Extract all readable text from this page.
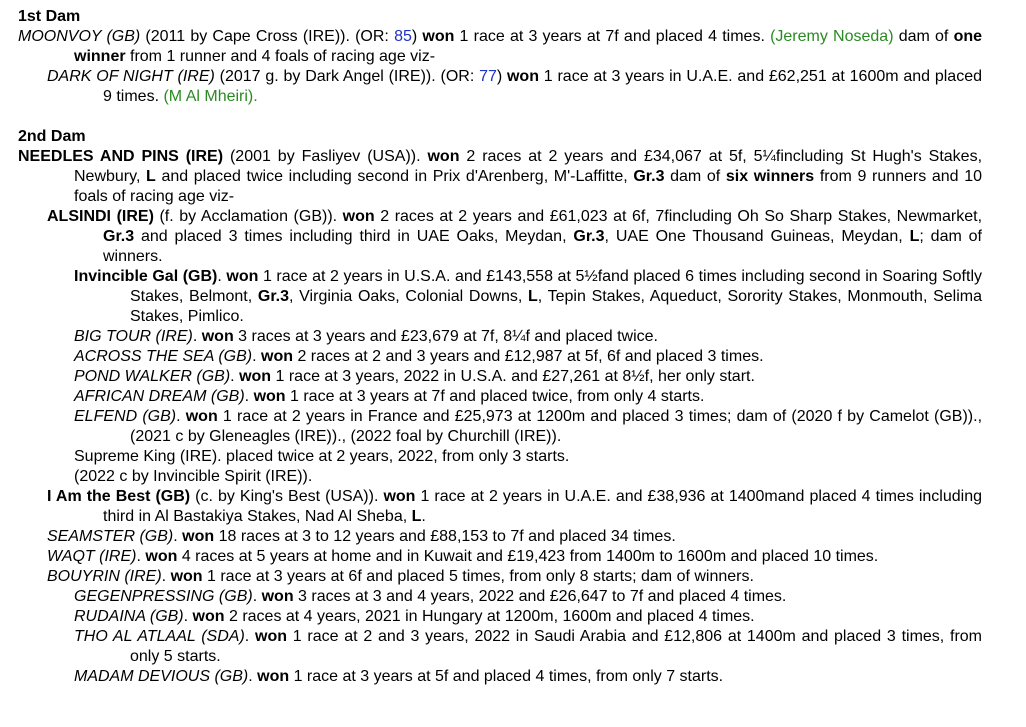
1st Dam
MOONVOY (GB) (2011 by Cape Cross (IRE)). (OR: 85) won 1 race at 3 years at 7f and placed 4 times. (Jeremy Noseda) dam of one winner from 1 runner and 4 foals of racing age viz-
DARK OF NIGHT (IRE) (2017 g. by Dark Angel (IRE)). (OR: 77) won 1 race at 3 years in U.A.E. and £62,251 at 1600m and placed 9 times. (M Al Mheiri).
2nd Dam
NEEDLES AND PINS (IRE) (2001 by Fasliyev (USA)). won 2 races at 2 years and £34,067 at 5f, 5¼fincluding St Hugh's Stakes, Newbury, L and placed twice including second in Prix d'Arenberg, M'-Laffitte, Gr.3 dam of six winners from 9 runners and 10 foals of racing age viz-
ALSINDI (IRE) (f. by Acclamation (GB)). won 2 races at 2 years and £61,023 at 6f, 7fincluding Oh So Sharp Stakes, Newmarket, Gr.3 and placed 3 times including third in UAE Oaks, Meydan, Gr.3, UAE One Thousand Guineas, Meydan, L; dam of winners.
Invincible Gal (GB). won 1 race at 2 years in U.S.A. and £143,558 at 5½fand placed 6 times including second in Soaring Softly Stakes, Belmont, Gr.3, Virginia Oaks, Colonial Downs, L, Tepin Stakes, Aqueduct, Sorority Stakes, Monmouth, Selima Stakes, Pimlico.
BIG TOUR (IRE). won 3 races at 3 years and £23,679 at 7f, 8¼f and placed twice.
ACROSS THE SEA (GB). won 2 races at 2 and 3 years and £12,987 at 5f, 6f and placed 3 times.
POND WALKER (GB). won 1 race at 3 years, 2022 in U.S.A. and £27,261 at 8½f, her only start.
AFRICAN DREAM (GB). won 1 race at 3 years at 7f and placed twice, from only 4 starts.
ELFEND (GB). won 1 race at 2 years in France and £25,973 at 1200m and placed 3 times; dam of (2020 f by Camelot (GB))., (2021 c by Gleneagles (IRE))., (2022 foal by Churchill (IRE)).
Supreme King (IRE). placed twice at 2 years, 2022, from only 3 starts.
(2022 c by Invincible Spirit (IRE)).
I Am the Best (GB) (c. by King's Best (USA)). won 1 race at 2 years in U.A.E. and £38,936 at 1400mand placed 4 times including third in Al Bastakiya Stakes, Nad Al Sheba, L.
SEAMSTER (GB). won 18 races at 3 to 12 years and £88,153 to 7f and placed 34 times.
WAQT (IRE). won 4 races at 5 years at home and in Kuwait and £19,423 from 1400m to 1600m and placed 10 times.
BOUYRIN (IRE). won 1 race at 3 years at 6f and placed 5 times, from only 8 starts; dam of winners.
GEGENPRESSING (GB). won 3 races at 3 and 4 years, 2022 and £26,647 to 7f and placed 4 times.
RUDAINA (GB). won 2 races at 4 years, 2021 in Hungary at 1200m, 1600m and placed 4 times.
THO AL ATLAAL (SDA). won 1 race at 2 and 3 years, 2022 in Saudi Arabia and £12,806 at 1400m and placed 3 times, from only 5 starts.
MADAM DEVIOUS (GB). won 1 race at 3 years at 5f and placed 4 times, from only 7 starts.
